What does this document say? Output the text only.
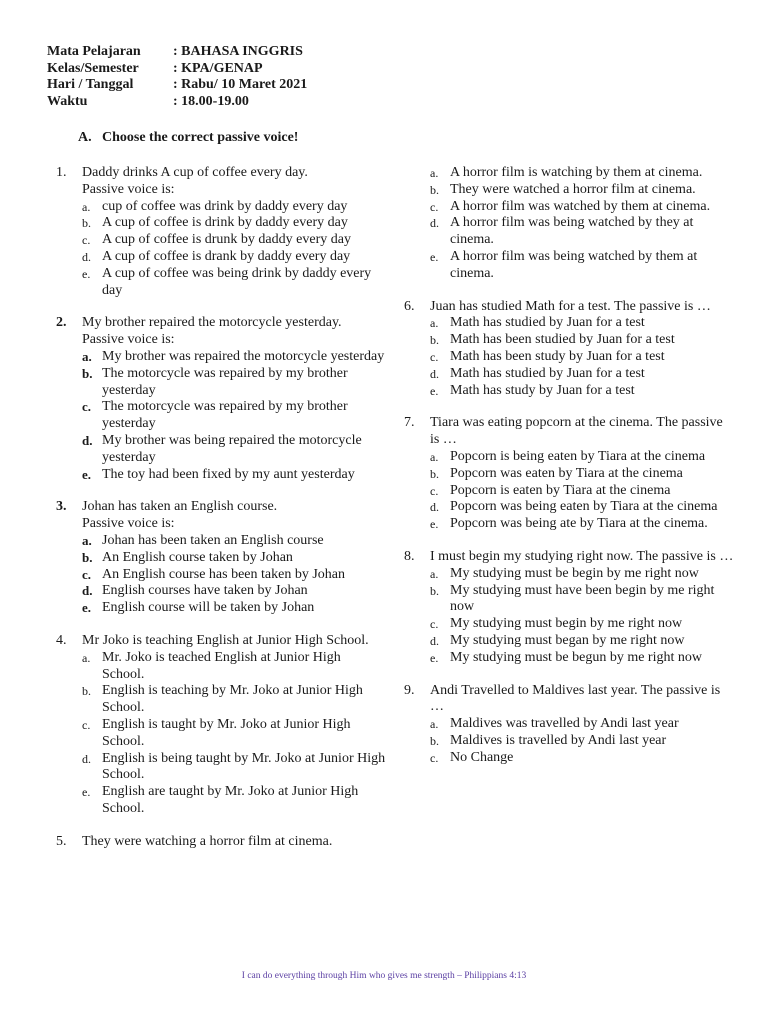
Mata Pelajaran	: BAHASA INGGRIS
Kelas/Semester	: KPA/GENAP
Hari / Tanggal	: Rabu/ 10 Maret 2021
Waktu	: 18.00-19.00
A. Choose the correct passive voice!
1.	Daddy drinks A cup of coffee every day.
Passive voice is:
a. cup of coffee was drink by daddy every day
b. A cup of coffee is drink by daddy every day
c. A cup of coffee is drunk by daddy every day
d. A cup of coffee is drank by daddy every day
e. A cup of coffee was being drink by daddy every day
2.	My brother repaired the motorcycle yesterday.
Passive voice is:
a. My brother was repaired the motorcycle yesterday
b. The motorcycle was repaired by my brother yesterday
c. The motorcycle was repaired by my brother yesterday
d. My brother was being repaired the motorcycle yesterday
e. The toy had been fixed by my aunt yesterday
3.	Johan has taken an English course.
Passive voice is:
a. Johan has been taken an English course
b. An English course taken by Johan
c. An English course has been taken by Johan
d. English courses have taken by Johan
e. English course will be taken by Johan
4.	Mr Joko is teaching English at Junior High School.
a. Mr. Joko is teached English at Junior High School.
b. English is teaching by Mr. Joko at Junior High School.
c. English is taught by Mr. Joko at Junior High School.
d. English is being taught by Mr. Joko at Junior High School.
e. English are taught by Mr. Joko at Junior High School.
5.	They were watching a horror film at cinema.
a. A horror film is watching by them at cinema.
b. They were watched a horror film at cinema.
c. A horror film was watched by them at cinema.
d. A horror film was being watched by they at cinema.
e. A horror film was being watched by them at cinema.
6.	Juan has studied Math for a test. The passive is …
a. Math has studied by Juan for a test
b. Math has been studied by Juan for a test
c. Math has been study by Juan for a test
d. Math has studied by Juan for a test
e. Math has study by Juan for a test
7.	Tiara was eating popcorn at the cinema. The passive is …
a. Popcorn is being eaten by Tiara at the cinema
b. Popcorn was eaten by Tiara at the cinema
c. Popcorn is eaten by Tiara at the cinema
d. Popcorn was being eaten by Tiara at the cinema
e. Popcorn was being ate by Tiara at the cinema.
8.	I must begin my studying right now. The passive is …
a. My studying must be begin by me right now
b. My studying must have been begin by me right now
c. My studying must begin by me right now
d. My studying must began by me right now
e. My studying must be begun by me right now
9.	Andi Travelled to Maldives last year. The passive is …
a. Maldives was travelled by Andi last year
b. Maldives is travelled by Andi last year
c. No Change
I can do everything through Him who gives me strength – Philippians 4:13
